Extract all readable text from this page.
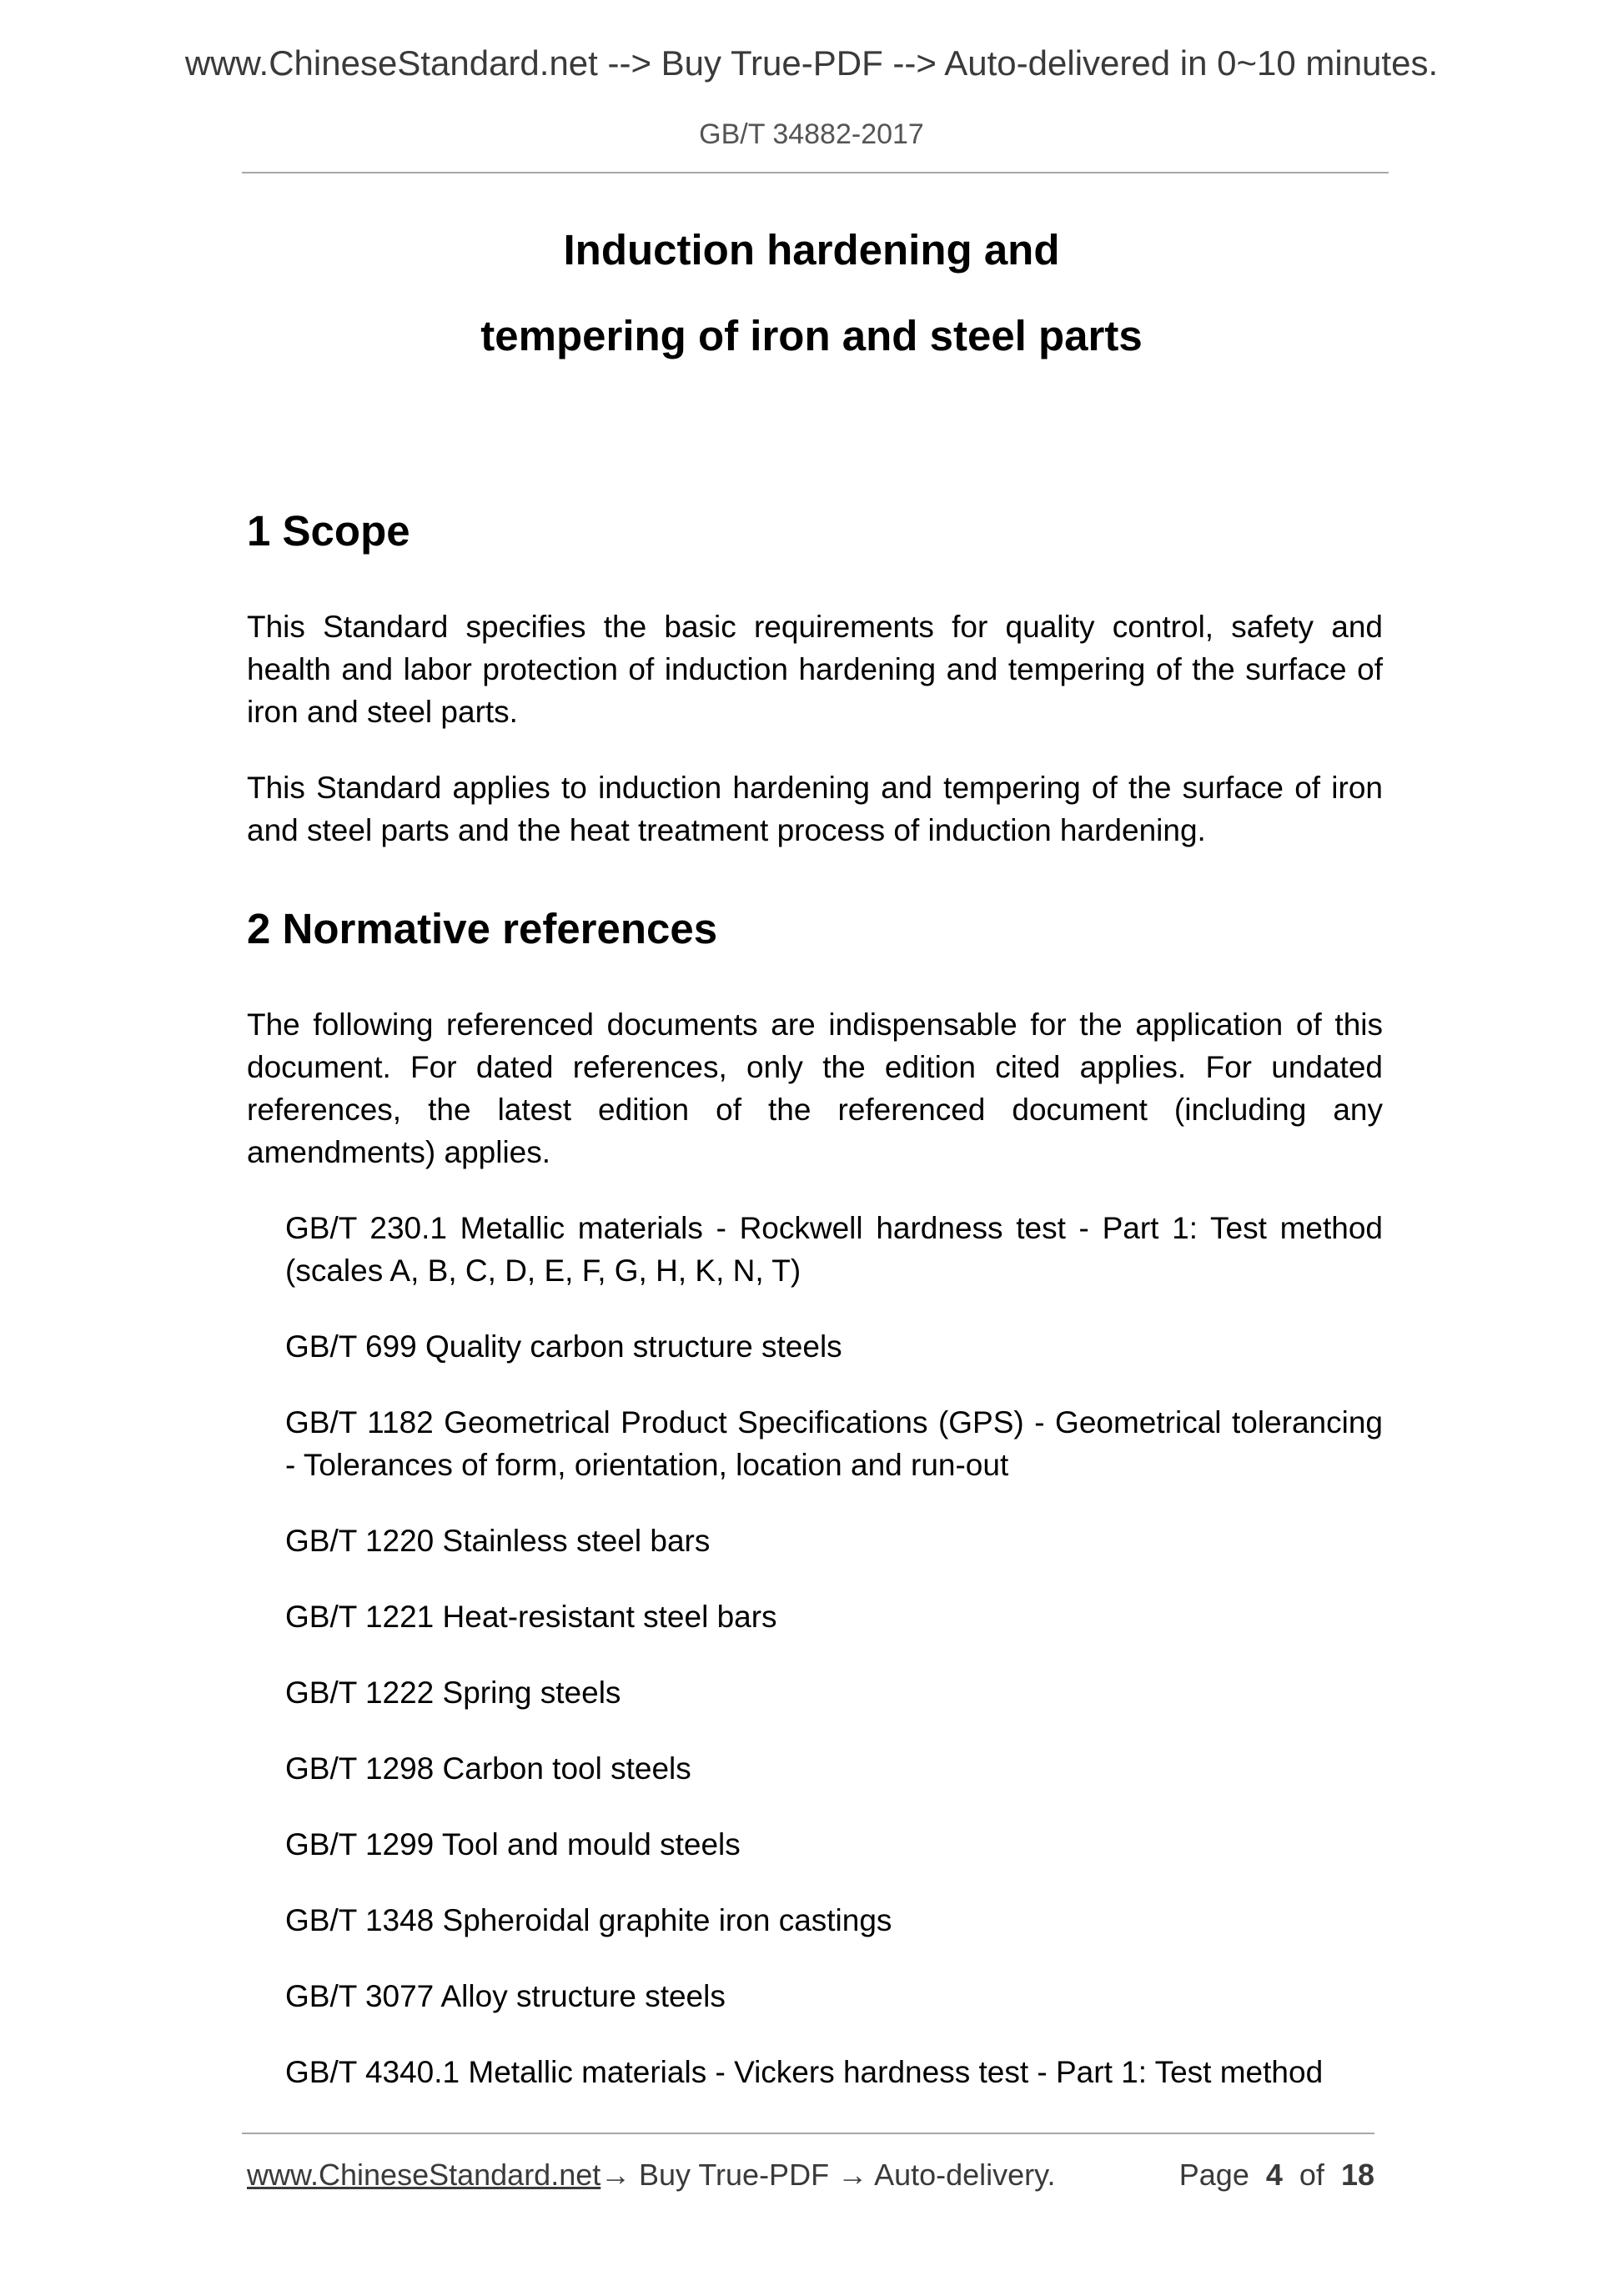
www.ChineseStandard.net --> Buy True-PDF --> Auto-delivered in 0~10 minutes.
GB/T 34882-2017
Induction hardening and
tempering of iron and steel parts
1 Scope

This Standard specifies the basic requirements for quality control, safety and health and labor protection of induction hardening and tempering of the surface of iron and steel parts.

This Standard applies to induction hardening and tempering of the surface of iron and steel parts and the heat treatment process of induction hardening.

2 Normative references

The following referenced documents are indispensable for the application of this document. For dated references, only the edition cited applies. For undated references, the latest edition of the referenced document (including any amendments) applies.

GB/T 230.1 Metallic materials - Rockwell hardness test - Part 1: Test method (scales A, B, C, D, E, F, G, H, K, N, T)
GB/T 699 Quality carbon structure steels
GB/T 1182 Geometrical Product Specifications (GPS) - Geometrical tolerancing - Tolerances of form, orientation, location and run-out
GB/T 1220 Stainless steel bars
GB/T 1221 Heat-resistant steel bars
GB/T 1222 Spring steels
GB/T 1298 Carbon tool steels
GB/T 1299 Tool and mould steels
GB/T 1348 Spheroidal graphite iron castings
GB/T 3077 Alloy structure steels
GB/T 4340.1 Metallic materials - Vickers hardness test - Part 1: Test method
www.ChineseStandard.net → Buy True-PDF → Auto-delivery.	Page 4 of 18
